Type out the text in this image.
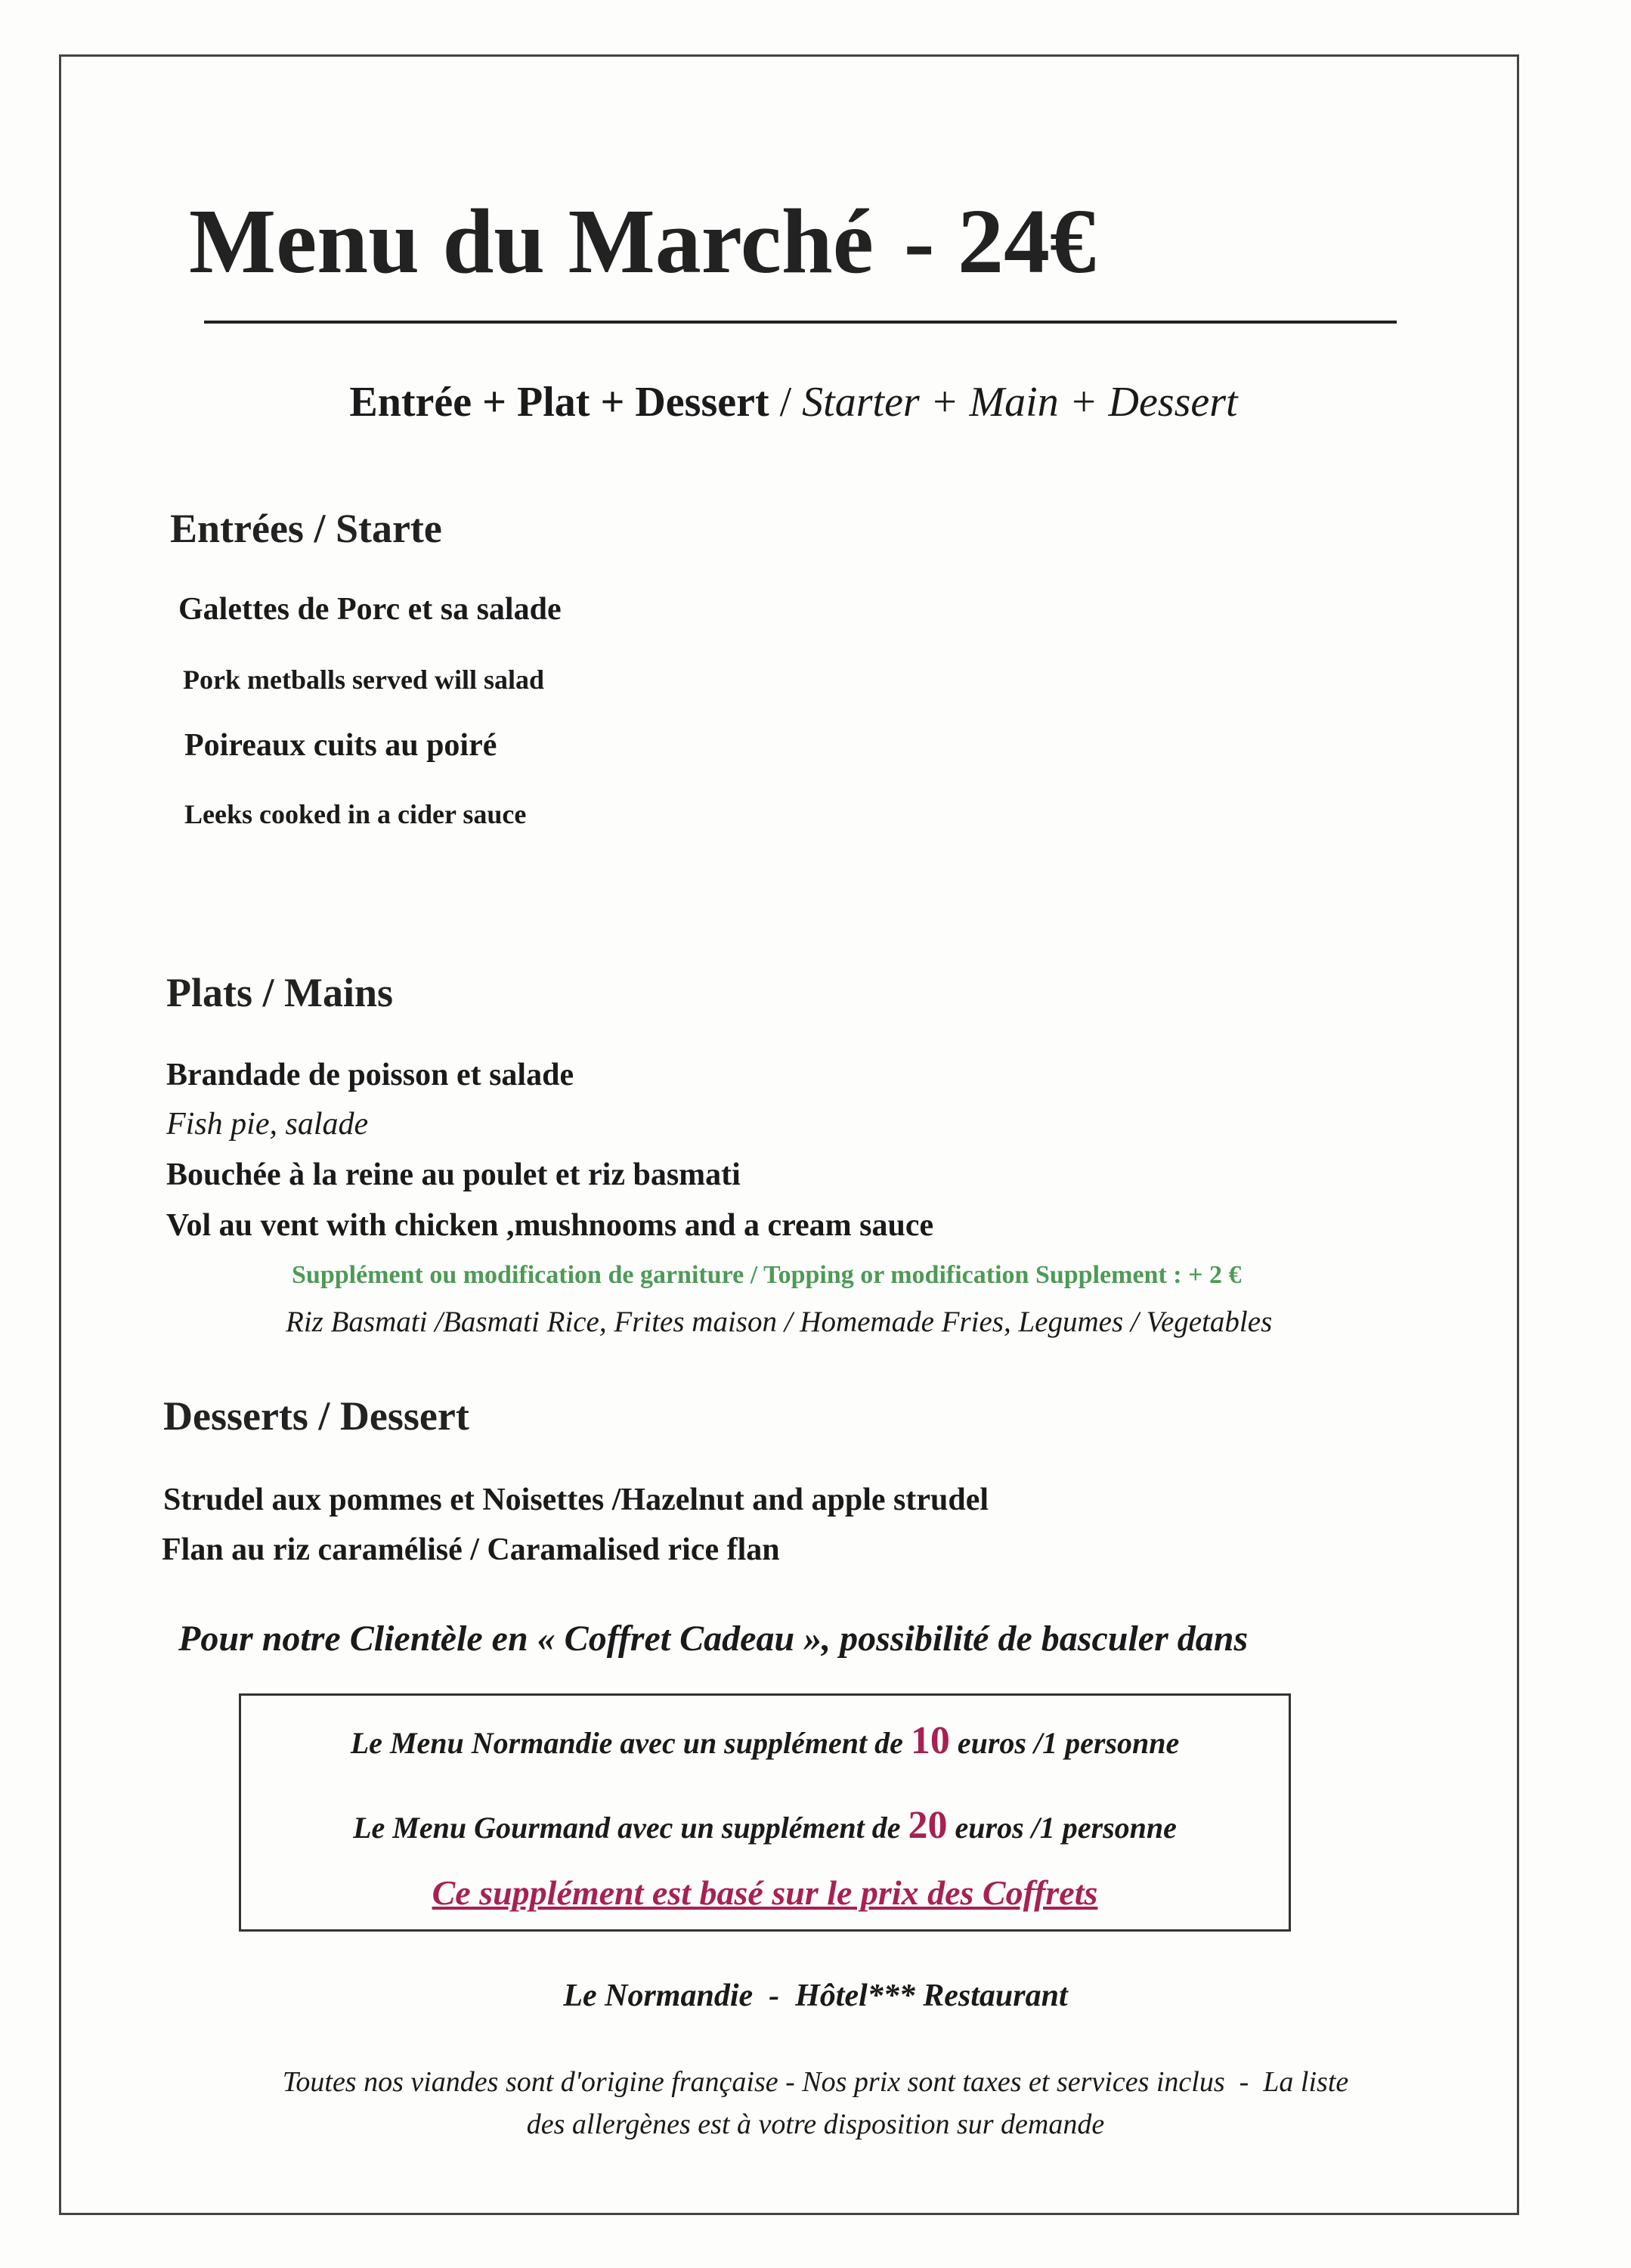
Menu du Marché - 24€
Entrée + Plat + Dessert / Starter + Main + Dessert
Entrées / Starte
Galettes de Porc et sa salade
Pork metballs served will salad
Poireaux cuits au poiré
Leeks cooked in a cider sauce
Plats / Mains
Brandade de poisson et salade
Fish pie, salade
Bouchée à la reine au poulet et riz basmati
Vol au vent with chicken ,mushnooms and a cream sauce
Supplément ou modification de garniture / Topping or modification Supplement : + 2 €
Riz Basmati /Basmati Rice, Frites maison / Homemade Fries, Legumes / Vegetables
Desserts / Dessert
Strudel aux pommes et Noisettes /Hazelnut and apple strudel
Flan au riz caramélisé / Caramalised rice flan
Pour notre Clientèle en « Coffret Cadeau », possibilité de basculer dans
Le Menu Normandie avec un supplément de 10 euros /1 personne
Le Menu Gourmand avec un supplément de 20 euros /1 personne
Ce supplément est basé sur le prix des Coffrets
Le Normandie  -  Hôtel*** Restaurant
Toutes nos viandes sont d'origine française - Nos prix sont taxes et services inclus  -  La liste
des allergènes est à votre disposition sur demande
